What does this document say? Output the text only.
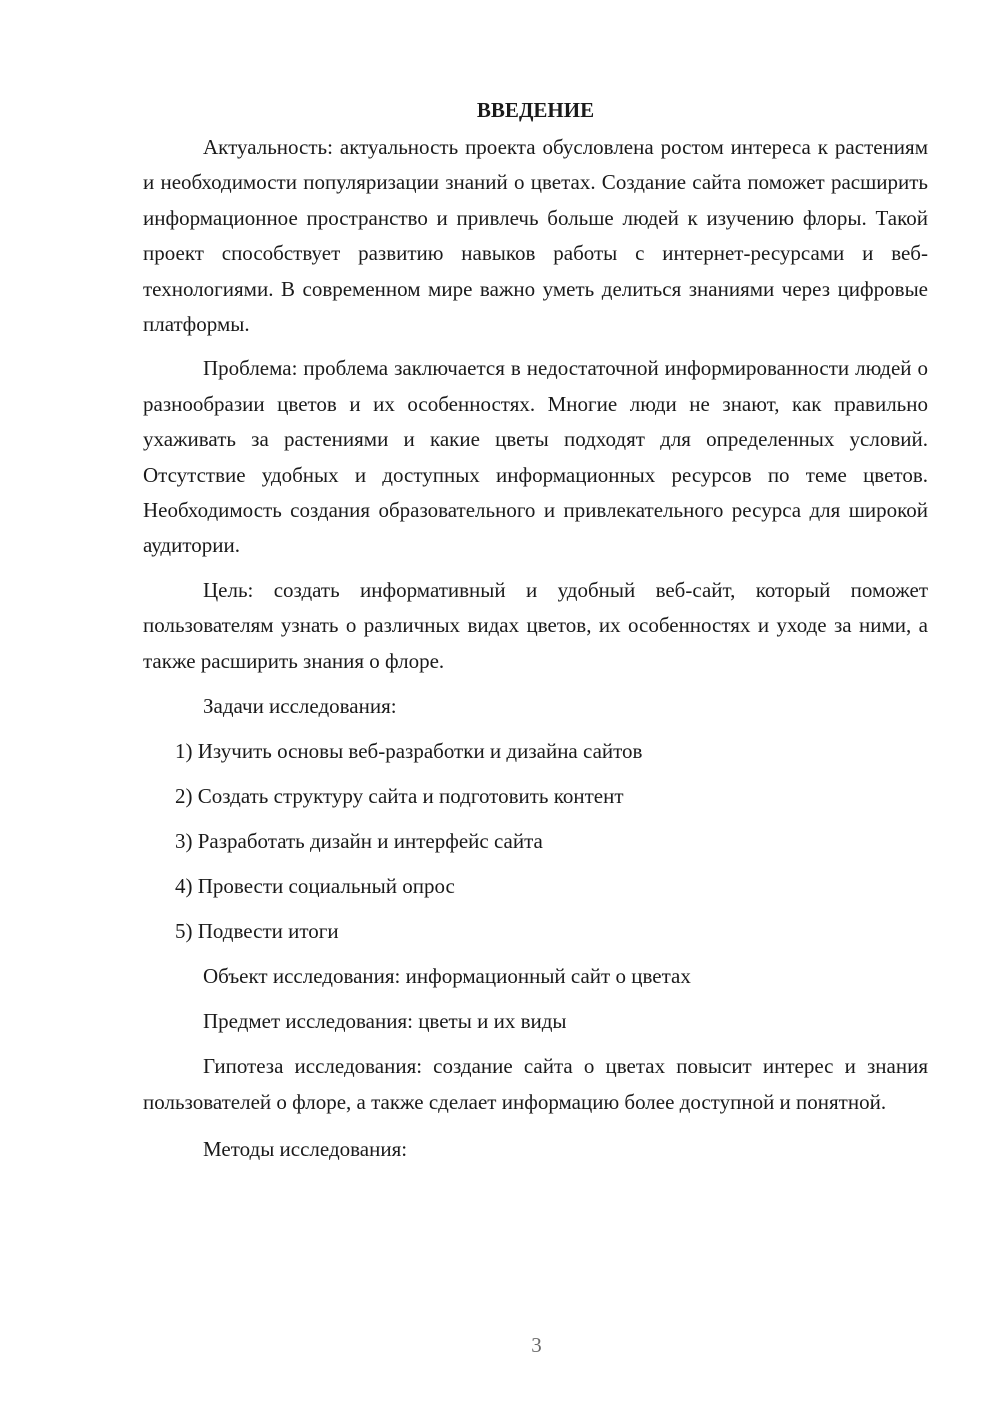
ВВЕДЕНИЕ

Актуальность: актуальность проекта обусловлена ростом интереса к растениям и необходимости популяризации знаний о цветах. Создание сайта поможет расширить информационное пространство и привлечь больше людей к изучению флоры. Такой проект способствует развитию навыков работы с интернет-ресурсами и веб-технологиями. В современном мире важно уметь делиться знаниями через цифровые платформы.

Проблема: проблема заключается в недостаточной информированности людей о разнообразии цветов и их особенностях. Многие люди не знают, как правильно ухаживать за растениями и какие цветы подходят для определенных условий. Отсутствие удобных и доступных информационных ресурсов по теме цветов. Необходимость создания образовательного и привлекательного ресурса для широкой аудитории.

Цель: создать информативный и удобный веб-сайт, который поможет пользователям узнать о различных видах цветов, их особенностях и уходе за ними, а также расширить знания о флоре.

Задачи исследования:
1) Изучить основы веб-разработки и дизайна сайтов
2) Создать структуру сайта и подготовить контент
3) Разработать дизайн и интерфейс сайта
4) Провести социальный опрос
5) Подвести итоги
Объект исследования: информационный сайт о цветах
Предмет исследования: цветы и их виды

Гипотеза исследования: создание сайта о цветах повысит интерес и знания пользователей о флоре, а также сделает информацию более доступной и понятной.

Методы исследования:
3
